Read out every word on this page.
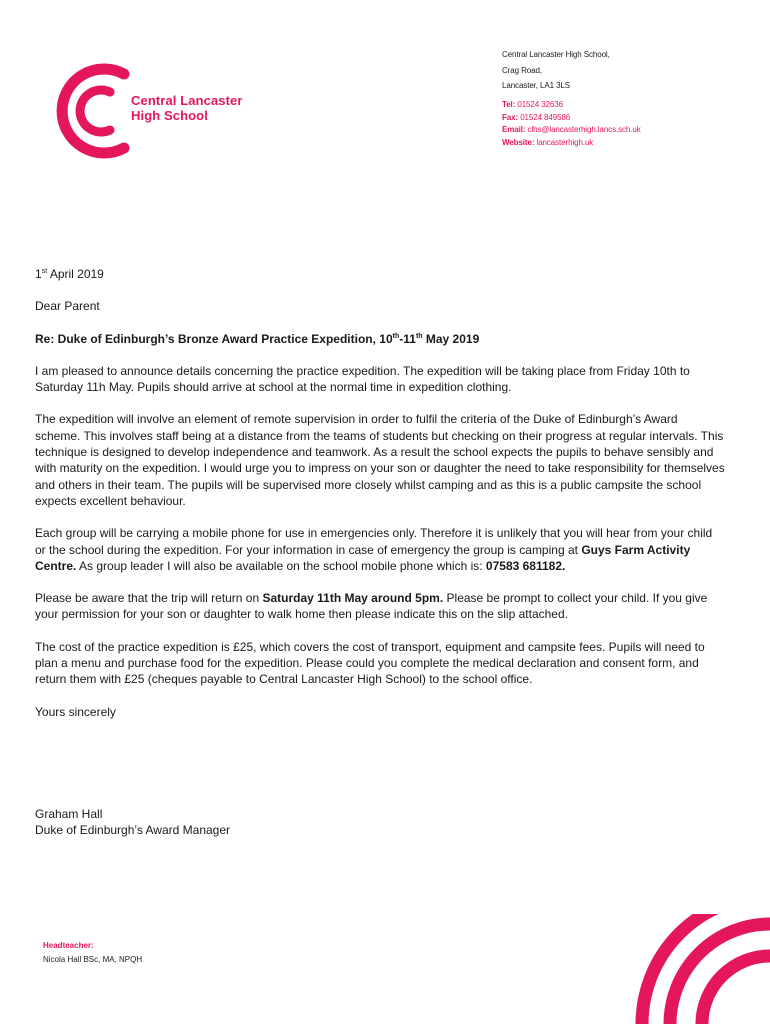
Central Lancaster
High School
Central Lancaster High School,
Crag Road,
Lancaster, LA1 3LS
Tel: 01524 32636
Fax: 01524 849586
Email: clhs@lancasterhigh.lancs.sch.uk
Website: lancasterhigh.uk

1st April 2019

Dear Parent

Re: Duke of Edinburgh’s Bronze Award Practice Expedition, 10th-11th May 2019

I am pleased to announce details concerning the practice expedition. The expedition will be taking place from Friday 10th to Saturday 11h May. Pupils should arrive at school at the normal time in expedition clothing.

The expedition will involve an element of remote supervision in order to fulfil the criteria of the Duke of Edinburgh’s Award scheme. This involves staff being at a distance from the teams of students but checking on their progress at regular intervals. This technique is designed to develop independence and teamwork. As a result the school expects the pupils to behave sensibly and with maturity on the expedition. I would urge you to impress on your son or daughter the need to take responsibility for themselves and others in their team. The pupils will be supervised more closely whilst camping and as this is a public campsite the school expects excellent behaviour.

Each group will be carrying a mobile phone for use in emergencies only. Therefore it is unlikely that you will hear from your child or the school during the expedition. For your information in case of emergency the group is camping at Guys Farm Activity Centre. As group leader I will also be available on the school mobile phone which is: 07583 681182.

Please be aware that the trip will return on Saturday 11th May around 5pm. Please be prompt to collect your child. If you give your permission for your son or daughter to walk home then please indicate this on the slip attached.

The cost of the practice expedition is £25, which covers the cost of transport, equipment and campsite fees. Pupils will need to plan a menu and purchase food for the expedition. Please could you complete the medical declaration and consent form, and return them with £25 (cheques payable to Central Lancaster High School) to the school office.

Yours sincerely

Graham Hall
Duke of Edinburgh’s Award Manager
Headteacher:
Nicola Hall BSc, MA, NPQH
